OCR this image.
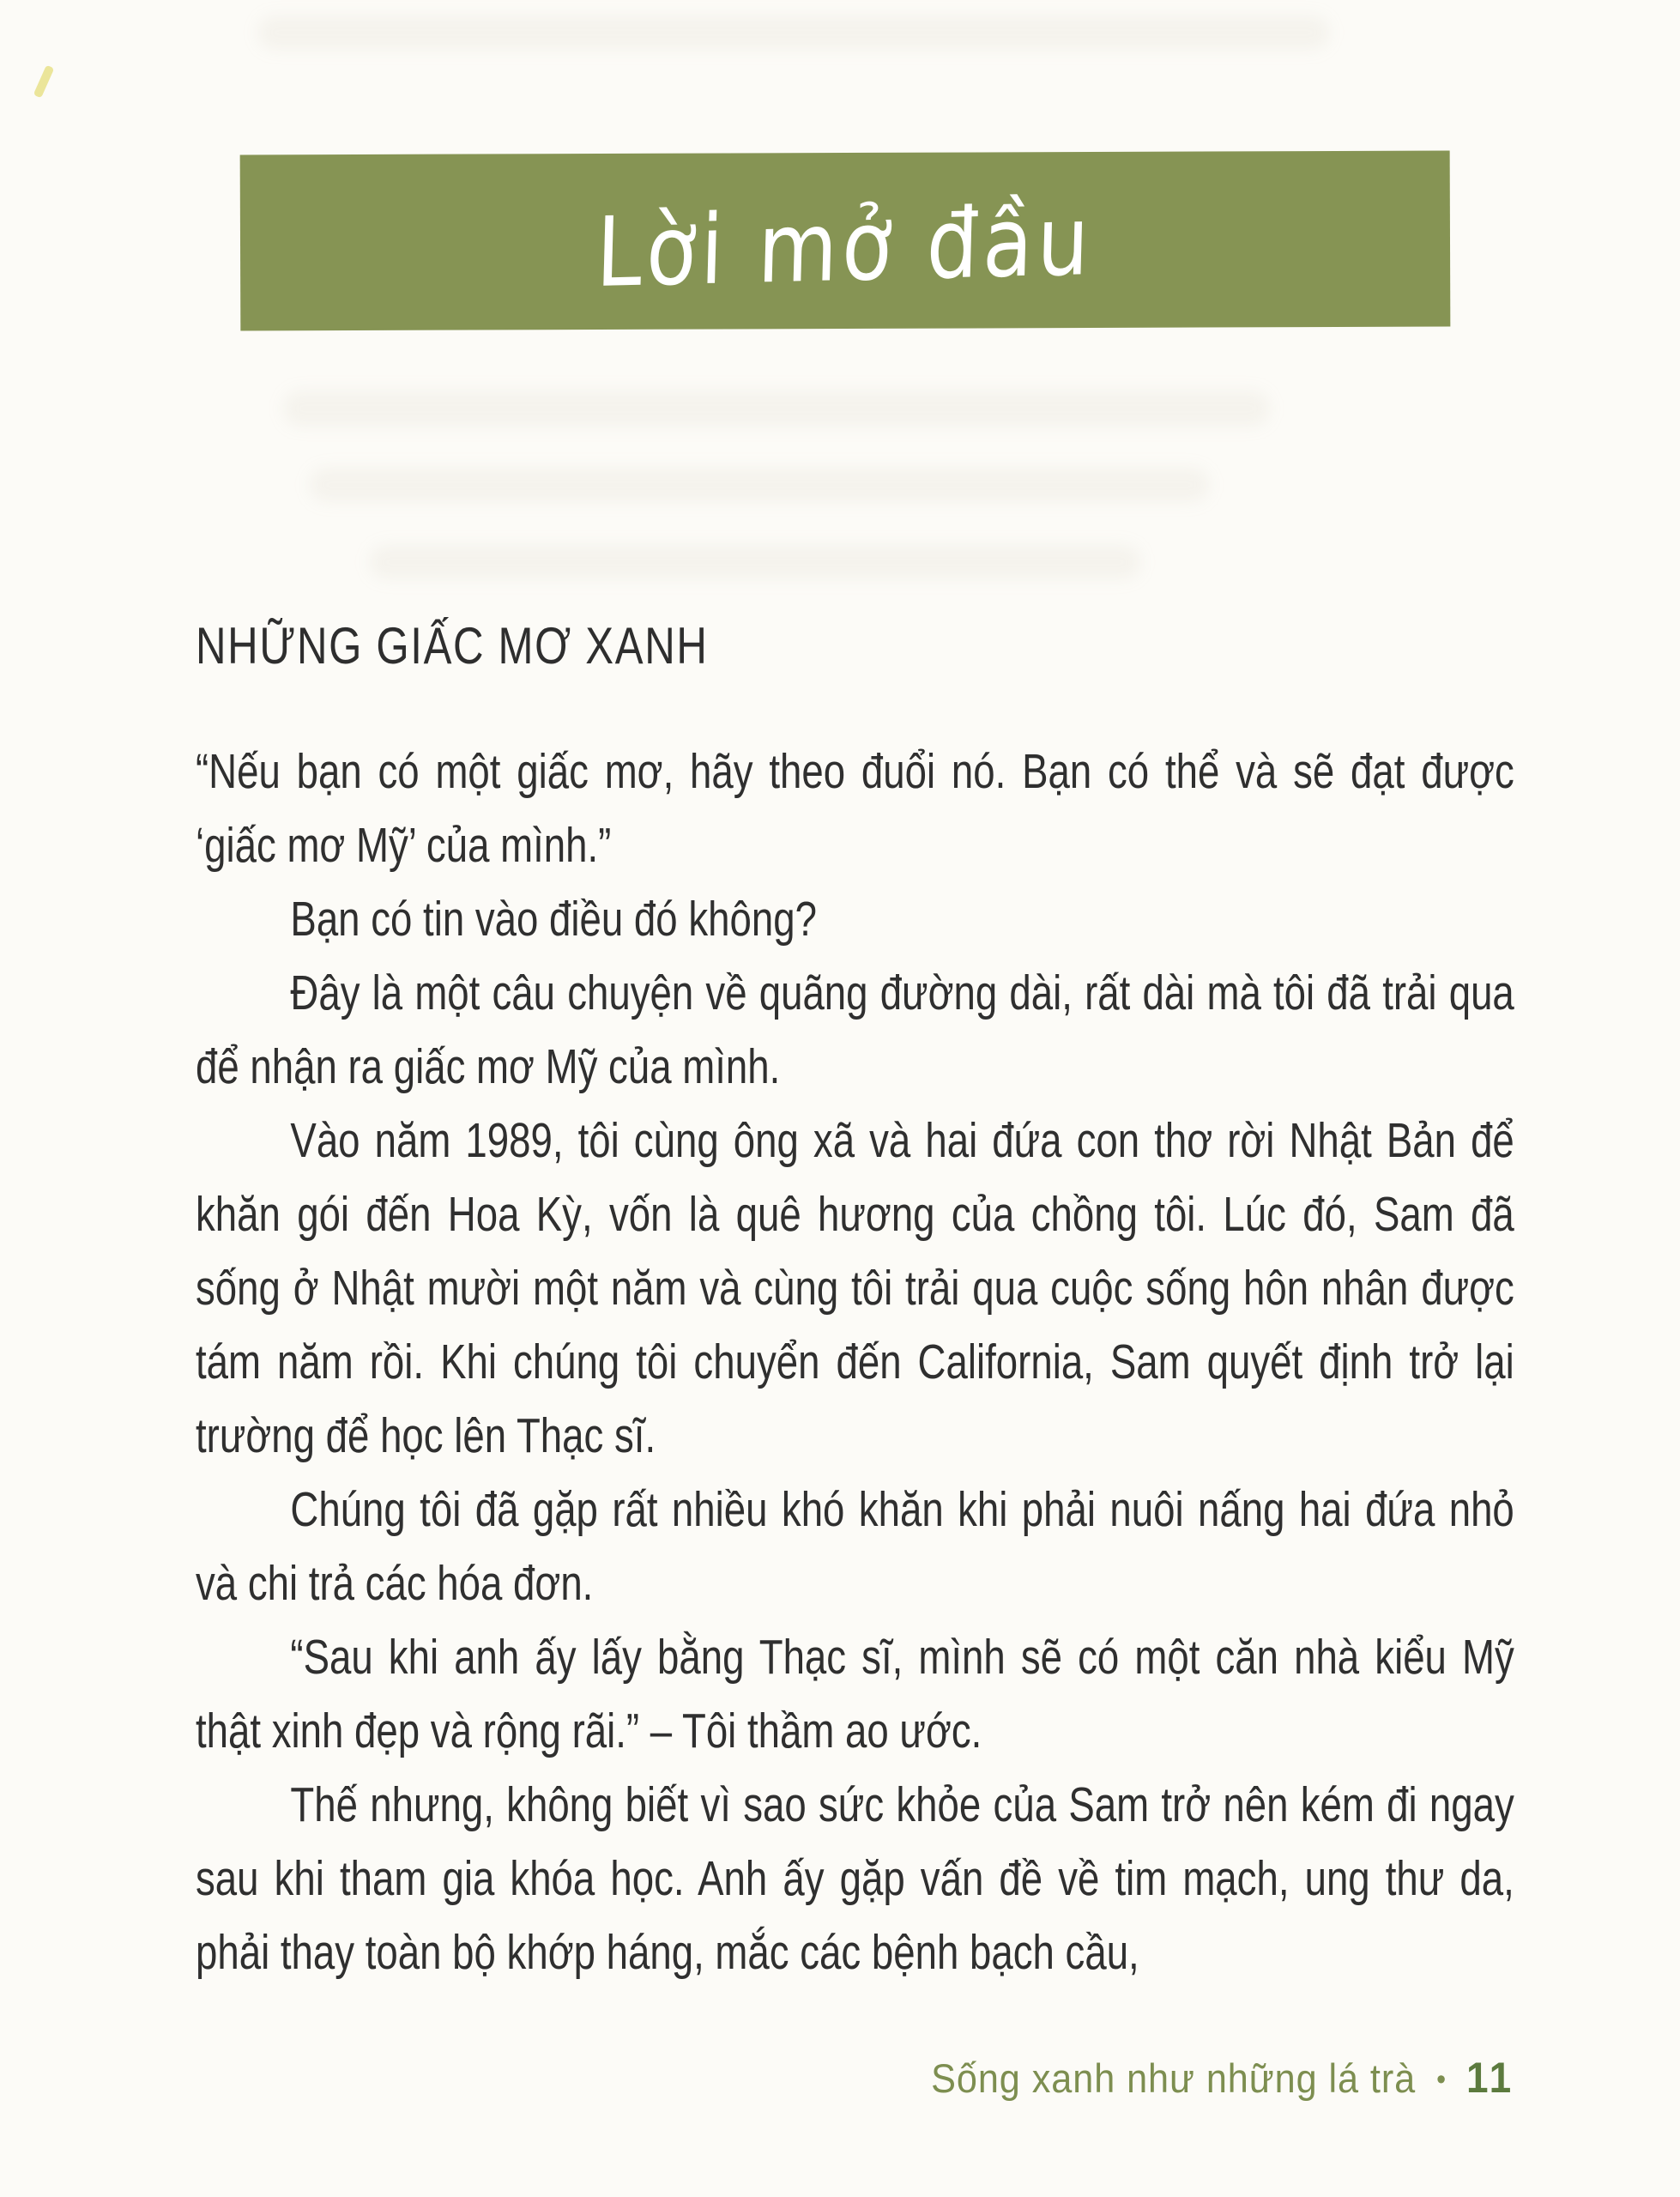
Lời mở đầu
NHỮNG GIẤC MƠ XANH

“Nếu bạn có một giấc mơ, hãy theo đuổi nó. Bạn có thể và sẽ đạt được ‘giấc mơ Mỹ’ của mình.”

Bạn có tin vào điều đó không?

Đây là một câu chuyện về quãng đường dài, rất dài mà tôi đã trải qua để nhận ra giấc mơ Mỹ của mình.

Vào năm 1989, tôi cùng ông xã và hai đứa con thơ rời Nhật Bản để khăn gói đến Hoa Kỳ, vốn là quê hương của chồng tôi. Lúc đó, Sam đã sống ở Nhật mười một năm và cùng tôi trải qua cuộc sống hôn nhân được tám năm rồi. Khi chúng tôi chuyển đến California, Sam quyết định trở lại trường để học lên Thạc sĩ.

Chúng tôi đã gặp rất nhiều khó khăn khi phải nuôi nấng hai đứa nhỏ và chi trả các hóa đơn.

“Sau khi anh ấy lấy bằng Thạc sĩ, mình sẽ có một căn nhà kiểu Mỹ thật xinh đẹp và rộng rãi.” – Tôi thầm ao ước.

Thế nhưng, không biết vì sao sức khỏe của Sam trở nên kém đi ngay sau khi tham gia khóa học. Anh ấy gặp vấn đề về tim mạch, ung thư da, phải thay toàn bộ khớp háng, mắc các bệnh bạch cầu,

Sống xanh như những lá trà • 11
